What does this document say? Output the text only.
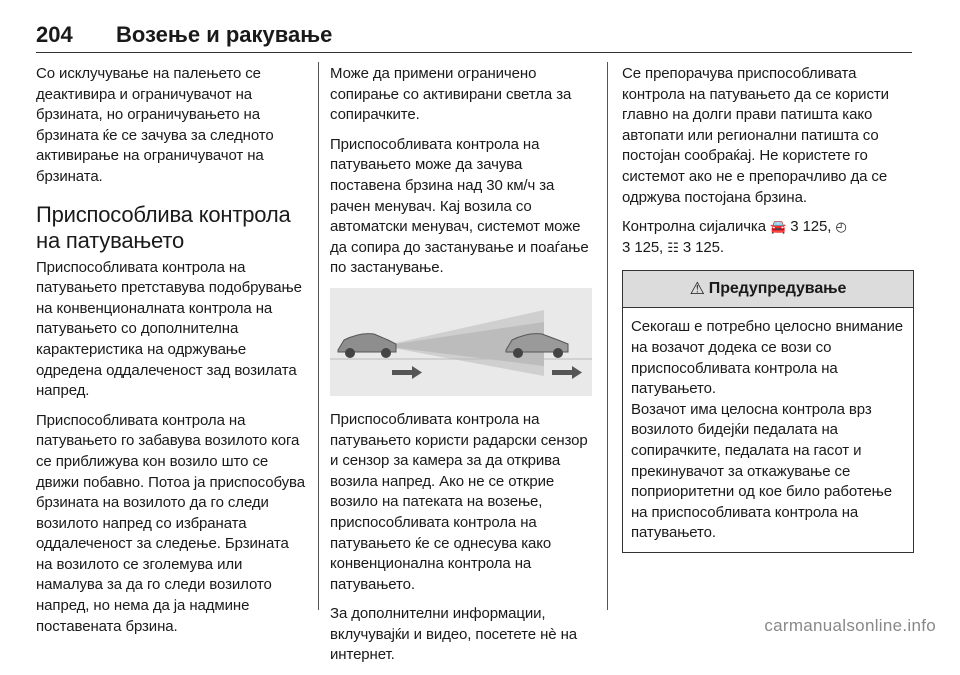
204	Возење и ракување

Со исклучување на палењето се деактивира и ограничувачот на брзината, но ограничувањето на брзината ќе се зачува за следното активирање на ограничувачот на брзината.

Приспособлива контрола на патувањето

Приспособливата контрола на патувањето претставува подобрување на конвенционалната контрола на патувањето со дополнителна карактеристика на одржување одредена оддалеченост зад возилата напред.

Приспособливата контрола на патувањето го забавува возилото кога се приближува кон возило што се движи побавно. Потоа ја приспособува брзината на возилото да го следи возилото напред со избраната оддалеченост за следење. Брзината на возилото се зголемува или намалува за да го следи возилото напред, но нема да ја надмине поставената брзина.

Може да примени ограничено сопирање со активирани светла за сопирачките.

Приспособливата контрола на патувањето може да зачува поставена брзина над 30 км/ч за рачен менувач. Кај возила со автоматски менувач, системот може да сопира до застанување и поаѓање по застанување.

Приспособливата контрола на патувањето користи радарски сензор и сензор за камера за да открива возила напред. Ако не се открие возило на патеката на возење, приспособливата контрола на патувањето ќе се однесува како конвенционална контрола на патувањето.

За дополнителни информации, вклучувајќи и видео, посетете нè на интернет.

Се препорачува приспособливата контрола на патувањето да се користи главно на долги прави патишта како автопати или регионални патишта со постојан сообраќај. Не користете го системот ако не е препорачливо да се одржува постојана брзина.

Контролна сијаличка 🚘 3 125, ◴
3 125, ☷ 3 125.

⚠ Предупредување
Секогаш е потребно целосно внимание на возачот додека се вози со приспособливата контрола на патувањето.
Возачот има целосна контрола врз возилото бидејќи педалата на сопирачките, педалата на гасот и прекинувачот за откажување се поприоритетни од кое било работење на приспособливата контрола на патувањето.
carmanualsonline.info
